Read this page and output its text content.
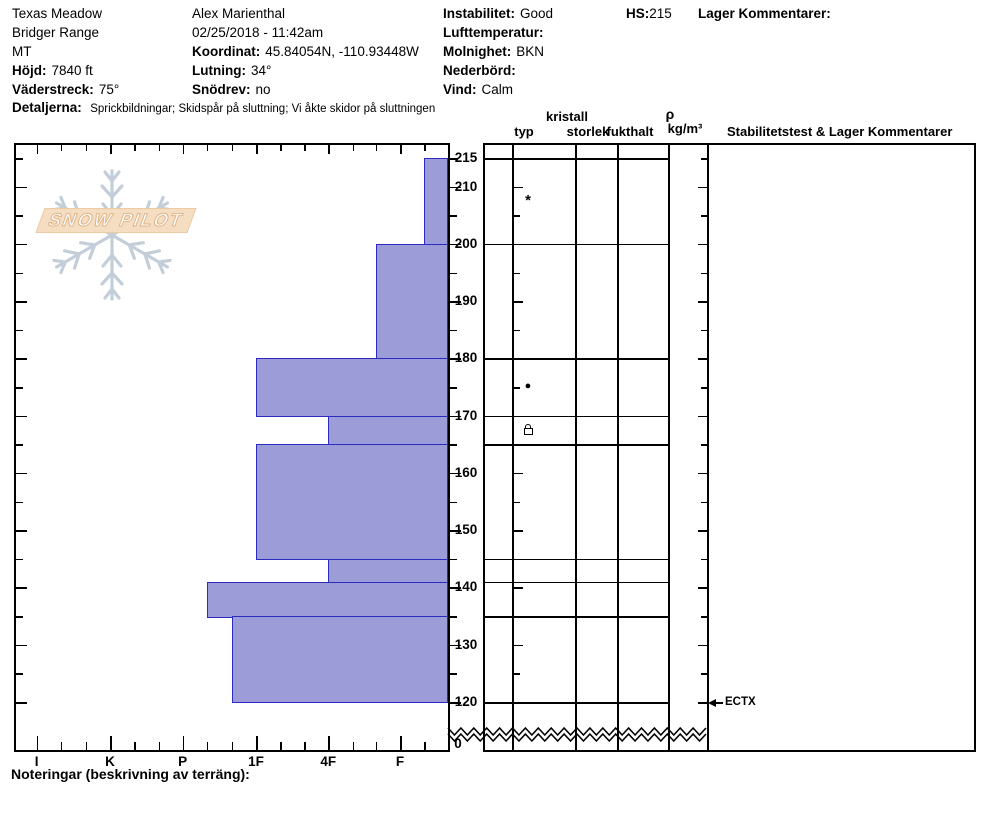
Texas Meadow
Bridger Range
MT
Höjd: 7840 ft
Väderstreck: 75°
Alex Marienthal
02/25/2018 - 11:42am
Koordinat: 45.84054N, -110.93448W
Lutning: 34°
Snödrev: no
Instabilitet: Good
Lufttemperatur:
Molnighet: BKN
Nederbörd:
Vind: Calm
HS:215 Lager Kommentarer:
Detaljerna: Sprickbildningar; Skidspår på sluttning; Vi åkte skidor på sluttningen
SNOW PILOT
typ
kristall
storlek
fukthalt
ρ
kg/m³	Stabilitetstest & Lager Kommentarer
Noteringar (beskrivning av terräng):
215
210
200
190
180
170
160
150
140
130
120
0
I	K	P	1F	4F	F
*
●
ECTX
